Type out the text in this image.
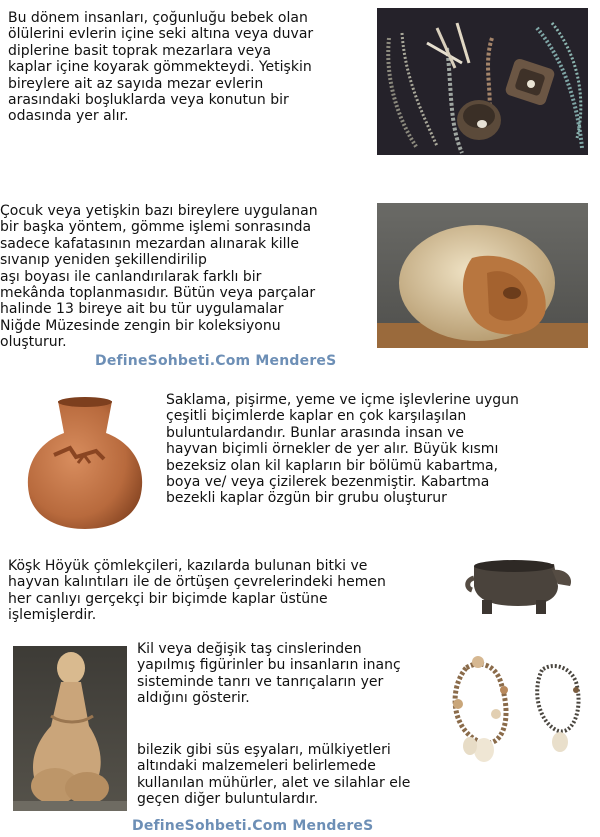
Bu dönem insanları, çoğunluğu bebek olan
ölülerini evlerin içine seki altına veya duvar
diplerine basit toprak mezarlara veya
kaplar içine koyarak gömmekteydi. Yetişkin
bireylere ait az sayıda mezar evlerin
arasındaki boşluklarda veya konutun bir
odasında yer alır.

Çocuk veya yetişkin bazı bireylere uygulanan
bir başka yöntem, gömme işlemi sonrasında
sadece kafatasının mezardan alınarak kille
sıvanıp yeniden şekillendirilip
aşı boyası ile canlandırılarak farklı bir
mekânda toplanmasıdır. Bütün veya parçalar
halinde 13 bireye ait bu tür uygulamalar
Niğde Müzesinde zengin bir koleksiyonu
oluşturur.

DefineSohbeti.Com MendereS

Saklama, pişirme, yeme ve içme işlevlerine uygun
çeşitli biçimlerde kaplar en çok karşılaşılan
buluntulardandır. Bunlar arasında insan ve
hayvan biçimli örnekler de yer alır. Büyük kısmı
bezeksiz olan kil kapların bir bölümü kabartma,
boya ve/ veya çizilerek bezenmiştir. Kabartma
bezekli kaplar özgün bir grubu oluşturur

Köşk Höyük çömlekçileri, kazılarda bulunan bitki ve
hayvan kalıntıları ile de örtüşen çevrelerindeki hemen
her canlıyı gerçekçi bir biçimde kaplar üstüne
işlemişlerdir.

Kil veya değişik taş cinslerinden
yapılmış figürinler bu insanların inanç
sisteminde tanrı ve tanrıçaların yer
aldığını gösterir.

bilezik gibi süs eşyaları, mülkiyetleri
altındaki malzemeleri belirlemede
kullanılan mühürler, alet ve silahlar ele
geçen diğer buluntulardır.

DefineSohbeti.Com MendereS
